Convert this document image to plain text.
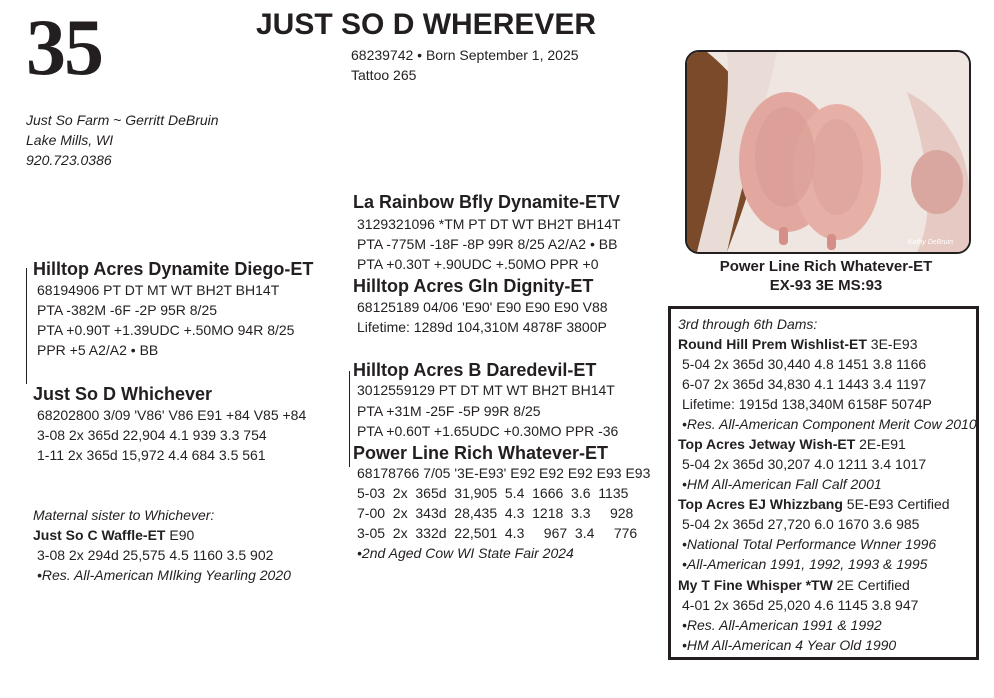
35	JUST SO D WHEREVER
68239742 • Born September 1, 2025
Tattoo 265
Just So Farm ~ Gerritt DeBruin
Lake Mills, WI
920.723.0386
Kathy DeBruin
Power Line Rich Whatever-ET
EX-93 3E MS:93
Hilltop Acres Dynamite Diego-ET
68194906 PT DT MT WT BH2T BH14T
PTA -382M -6F -2P 95R 8/25
PTA +0.90T +1.39UDC +.50MO 94R 8/25
PPR +5 A2/A2 • BB
La Rainbow Bfly Dynamite-ETV
3129321096 *TM PT DT WT BH2T BH14T
PTA -775M -18F -8P 99R 8/25 A2/A2 • BB
PTA +0.30T +.90UDC +.50MO PPR +0
Hilltop Acres Gln Dignity-ET
68125189 04/06 'E90' E90 E90 E90 V88
Lifetime: 1289d 104,310M 4878F 3800P
Just So D Whichever
68202800 3/09 'V86' V86 E91 +84 V85 +84
3-08 2x 365d 22,904 4.1 939 3.3 754
1-11 2x 365d 15,972 4.4 684 3.5 561
Hilltop Acres B Daredevil-ET
3012559129 PT DT MT WT BH2T BH14T
PTA +31M -25F -5P 99R 8/25
PTA +0.60T +1.65UDC +0.30MO PPR -36
Power Line Rich Whatever-ET
68178766 7/05 '3E-E93' E92 E92 E92 E93 E93
5-03  2x  365d  31,905  5.4  1666  3.6  1135
7-00  2x  343d  28,435  4.3  1218  3.3     928
3-05  2x  332d  22,501  4.3     967  3.4     776
•2nd Aged Cow WI State Fair 2024
Maternal sister to Whichever:
Just So C Waffle-ET E90
3-08 2x 294d 25,575 4.5 1160 3.5 902
•Res. All-American MIlking Yearling 2020
3rd through 6th Dams:
Round Hill Prem Wishlist-ET 3E-E93
5-04 2x 365d 30,440 4.8 1451 3.8 1166
6-07 2x 365d 34,830 4.1 1443 3.4 1197
Lifetime: 1915d 138,340M 6158F 5074P
•Res. All-American Component Merit Cow 2010
Top Acres Jetway Wish-ET 2E-E91
5-04 2x 365d 30,207 4.0 1211 3.4 1017
•HM All-American Fall Calf 2001
Top Acres EJ Whizzbang 5E-E93 Certified
5-04 2x 365d 27,720 6.0 1670 3.6 985
•National Total Performance Wnner 1996
•All-American 1991, 1992, 1993 & 1995
My T Fine Whisper *TW 2E Certified
4-01 2x 365d 25,020 4.6 1145 3.8 947
•Res. All-American 1991 & 1992
•HM All-American 4 Year Old 1990
